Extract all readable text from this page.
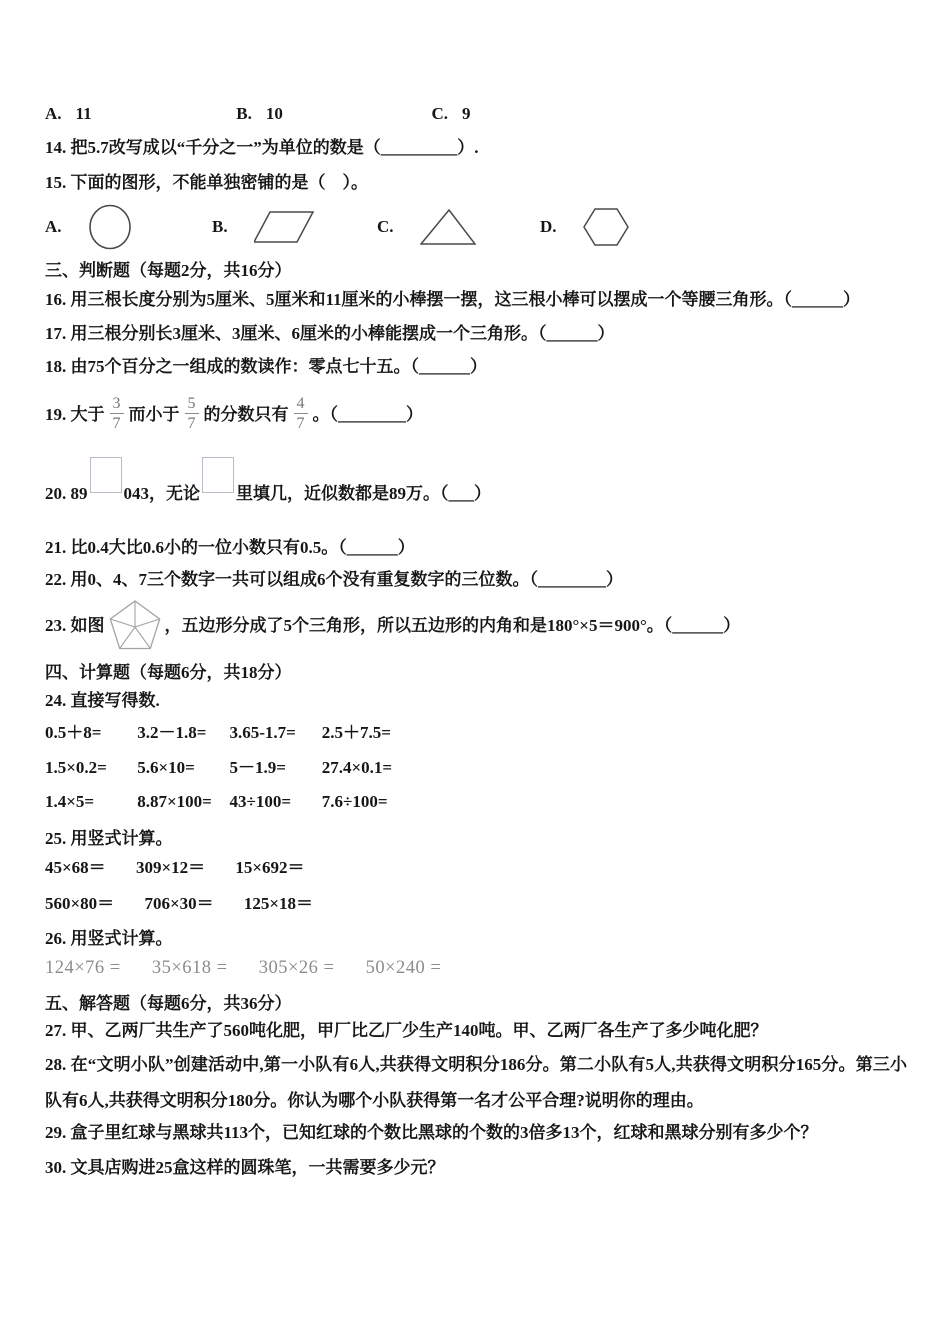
A. 11	B. 10	C. 9
14. 把5.7改写成以“千分之一”为单位的数是（_________）.
15. 下面的图形，不能单独密铺的是（　）。
A.	B.	C.	D.
三、判断题（每题2分，共16分）
16. 用三根长度分别为5厘米、5厘米和11厘米的小棒摆一摆，这三根小棒可以摆成一个等腰三角形。（______）
17. 用三根分别长3厘米、3厘米、6厘米的小棒能摆成一个三角形。（______）
18. 由75个百分之一组成的数读作：零点七十五。（______）
19. 大于 $\frac{3}{7}$ 而小于 $\frac{5}{7}$ 的分数只有 $\frac{4}{7}$ 。（________）
20. 89 043，无论 里填几，近似数都是89万。（___）
21. 比0.4大比0.6小的一位小数只有0.5。（______）
22. 用0、4、7三个数字一共可以组成6个没有重复数字的三位数。（________）
23. 如图	，五边形分成了5个三角形，所以五边形的内角和是180°×5＝900°。（______）
四、计算题（每题6分，共18分）
24. 直接写得数.
0.5＋8= 3.2－1.8= 3.65-1.7= 2.5＋7.5=
1.5×0.2= 5.6×10= 5－1.9= 27.4×0.1=
1.4×5=	8.87×100= 43÷100= 7.6÷100=
25. 用竖式计算。
45×68＝ 309×12＝ 15×692＝
560×80＝ 706×30＝ 125×18＝
26. 用竖式计算。
124×76 = 35×618 = 305×26 = 50×240 =
五、解答题（每题6分，共36分）
27. 甲、乙两厂共生产了560吨化肥，甲厂比乙厂少生产140吨。甲、乙两厂各生产了多少吨化肥？
28. 在“文明小队”创建活动中,第一小队有6人,共获得文明积分186分。第二小队有5人,共获得文明积分165分。第三小队有6人,共获得文明积分180分。你认为哪个小队获得第一名才公平合理?说明你的理由。
29. 盒子里红球与黑球共113个，已知红球的个数比黑球的个数的3倍多13个，红球和黑球分别有多少个？
30. 文具店购进25盒这样的圆珠笔，一共需要多少元？
